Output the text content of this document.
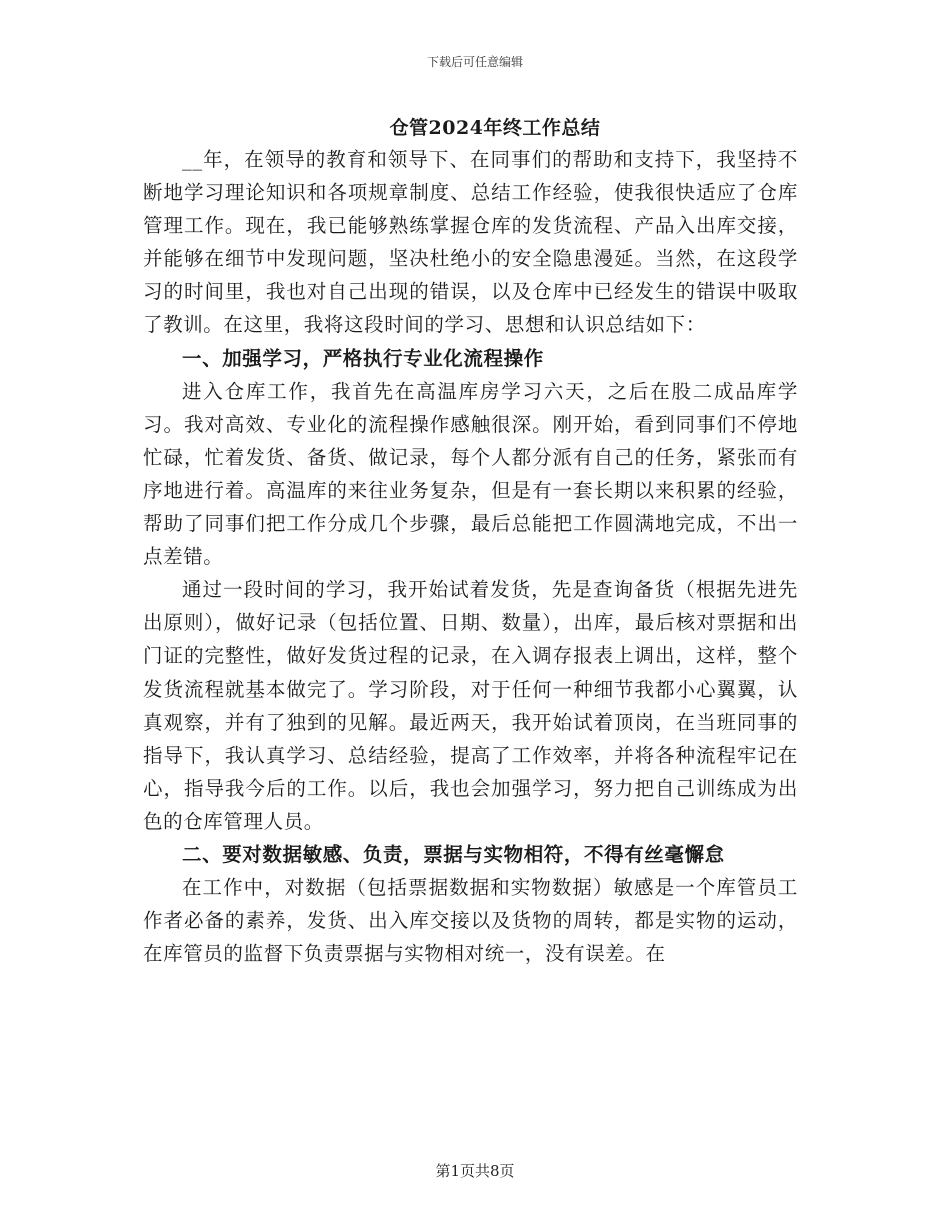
下载后可任意编辑
仓管2024年终工作总结

__年，在领导的教育和领导下、在同事们的帮助和支持下，我坚持不断地学习理论知识和各项规章制度、总结工作经验，使我很快适应了仓库管理工作。现在，我已能够熟练掌握仓库的发货流程、产品入出库交接，并能够在细节中发现问题，坚决杜绝小的安全隐患漫延。当然，在这段学习的时间里，我也对自己出现的错误，以及仓库中已经发生的错误中吸取了教训。在这里，我将这段时间的学习、思想和认识总结如下：

一、加强学习，严格执行专业化流程操作

进入仓库工作，我首先在高温库房学习六天，之后在股二成品库学习。我对高效、专业化的流程操作感触很深。刚开始，看到同事们不停地忙碌，忙着发货、备货、做记录，每个人都分派有自己的任务，紧张而有序地进行着。高温库的来往业务复杂，但是有一套长期以来积累的经验，帮助了同事们把工作分成几个步骤，最后总能把工作圆满地完成，不出一点差错。

通过一段时间的学习，我开始试着发货，先是查询备货（根据先进先出原则），做好记录（包括位置、日期、数量），出库，最后核对票据和出门证的完整性，做好发货过程的记录，在入调存报表上调出，这样，整个发货流程就基本做完了。学习阶段，对于任何一种细节我都小心翼翼，认真观察，并有了独到的见解。最近两天，我开始试着顶岗，在当班同事的指导下，我认真学习、总结经验，提高了工作效率，并将各种流程牢记在心，指导我今后的工作。以后，我也会加强学习，努力把自己训练成为出色的仓库管理人员。

二、要对数据敏感、负责，票据与实物相符，不得有丝毫懈怠

在工作中，对数据（包括票据数据和实物数据）敏感是一个库管员工作者必备的素养，发货、出入库交接以及货物的周转，都是实物的运动，在库管员的监督下负责票据与实物相对统一，没有误差。在

第1页共8页
